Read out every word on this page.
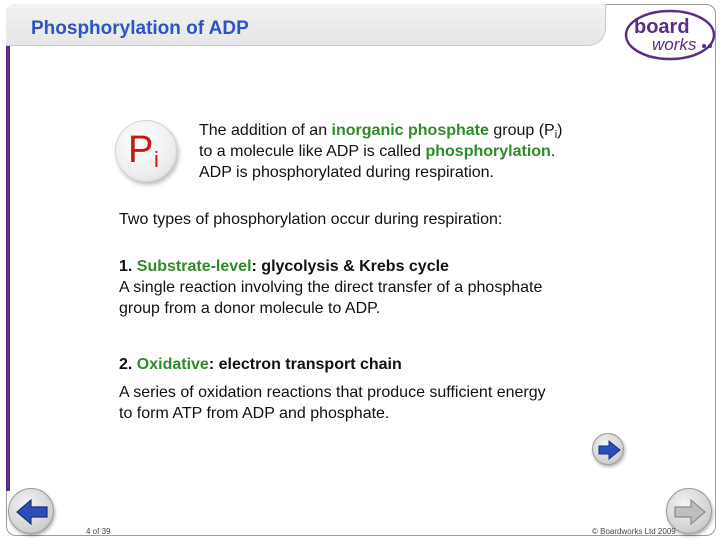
Phosphorylation of ADP	board
works
P i
The addition of an inorganic phosphate group $(P_i)$
to a molecule like ADP is called phosphorylation.
ADP is phosphorylated during respiration.
Two types of phosphorylation occur during respiration:
1. Substrate-level: glycolysis & Krebs cycle
A single reaction involving the direct transfer of a phosphate
group from a donor molecule to ADP.
2. Oxidative: electron transport chain
A series of oxidation reactions that produce sufficient energy
to form ATP from ADP and phosphate.
4 of 39	© Boardworks Ltd 2009
